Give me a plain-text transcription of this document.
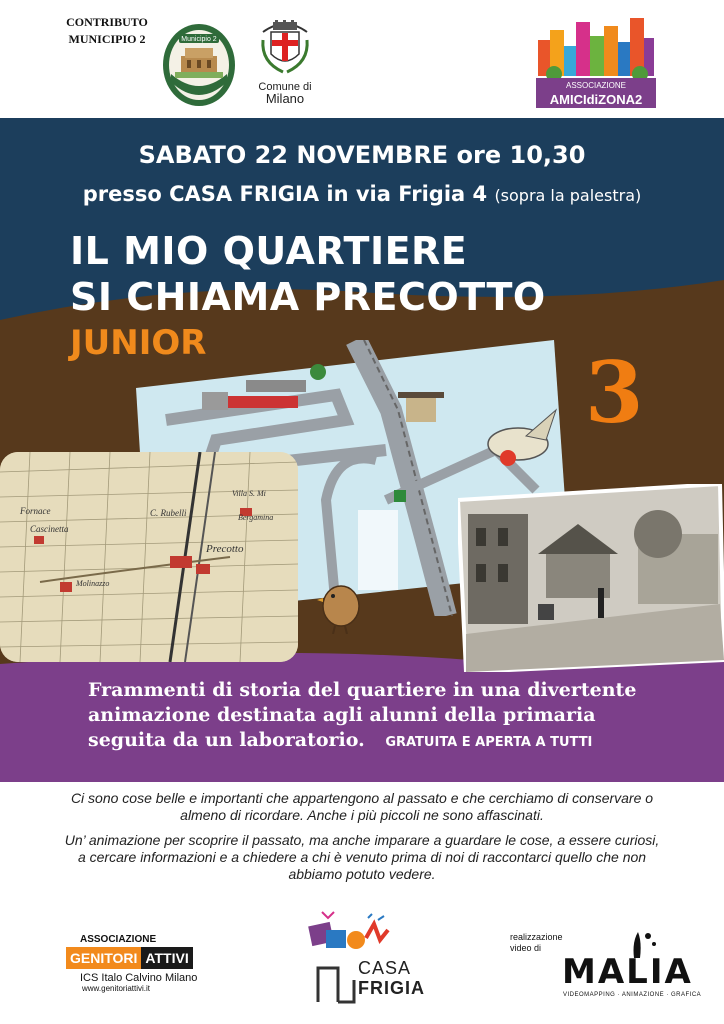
CONTRIBUTO
MUNICIPIO 2	Municipio 2
Comune di
Milano
ASSOCIAZIONE
AMICIdiZONA2
SABATO 22 NOVEMBRE ore 10,30
presso CASA FRIGIA in via Frigia 4 (sopra la palestra)
IL MIO QUARTIERE
SI CHIAMA PRECOTTO
JUNIOR	3
Fornace
Cascinetta
C. Rubelli
Precotto
Villa S. Mi
Bergamina
Molinazzo
Frammenti di storia del quartiere in una divertente
animazione destinata agli alunni della primaria
seguita da un laboratorio. GRATUITA E APERTA A TUTTI

Ci sono cose belle e importanti che appartengono al passato e che cerchiamo di conservare o almeno di ricordare. Anche i più piccoli ne sono affascinati.

Un’ animazione per scoprire il passato, ma anche imparare a guardare le cose, a essere curiosi, a cercare informazioni e a chiedere a chi è venuto prima di noi di raccontarci quello che non abbiamo potuto vedere.

ASSOCIAZIONE
GENITORI ATTIVI
ICS Italo Calvino Milano
www.genitoriattivi.it
CASA
FRIGIA
realizzazione
video di
MALIA
VIDEOMAPPING · ANIMAZIONE · GRAFICA
